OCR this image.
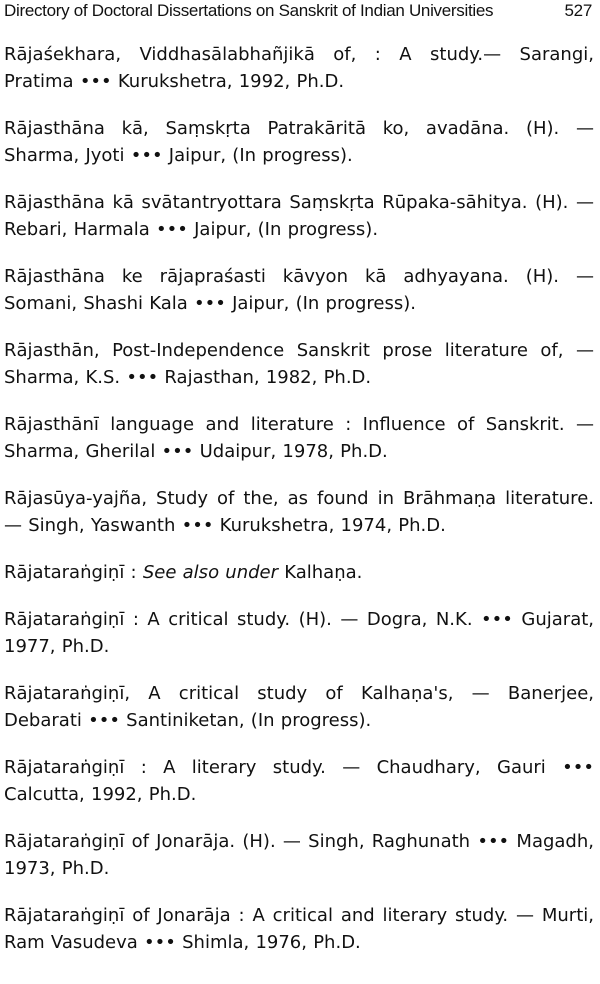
Directory of Doctoral Dissertations on Sanskrit of Indian Universities	527

Rājaśekhara, Viddhasālabhañjikā of, : A study.— Sarangi, Pratima ••• Kurukshetra, 1992, Ph.D.

Rājasthāna kā, Saṃskṛta Patrakāritā ko, avadāna. (H). — Sharma, Jyoti ••• Jaipur, (In progress).

Rājasthāna kā svātantryottara Saṃskṛta Rūpaka-sāhitya. (H). — Rebari, Harmala ••• Jaipur, (In progress).

Rājasthāna ke rājapraśasti kāvyon kā adhyayana. (H). — Somani, Shashi Kala ••• Jaipur, (In progress).

Rājasthān, Post-Independence Sanskrit prose literature of, — Sharma, K.S. ••• Rajasthan, 1982, Ph.D.

Rājasthānī language and literature : Influence of Sanskrit. — Sharma, Gherilal ••• Udaipur, 1978, Ph.D.

Rājasūya-yajña, Study of the, as found in Brāhmaṇa literature. — Singh, Yaswanth ••• Kurukshetra, 1974, Ph.D.

Rājataraṅgiṇī : See also under Kalhaṇa.

Rājataraṅgiṇī : A critical study. (H). — Dogra, N.K. ••• Gujarat, 1977, Ph.D.

Rājataraṅgiṇī, A critical study of Kalhaṇa's, — Banerjee, Debarati ••• Santiniketan, (In progress).

Rājataraṅgiṇī : A literary study. — Chaudhary, Gauri ••• Calcutta, 1992, Ph.D.

Rājataraṅgiṇī of Jonarāja. (H). — Singh, Raghunath ••• Magadh, 1973, Ph.D.

Rājataraṅgiṇī of Jonarāja : A critical and literary study. — Murti, Ram Vasudeva ••• Shimla, 1976, Ph.D.
